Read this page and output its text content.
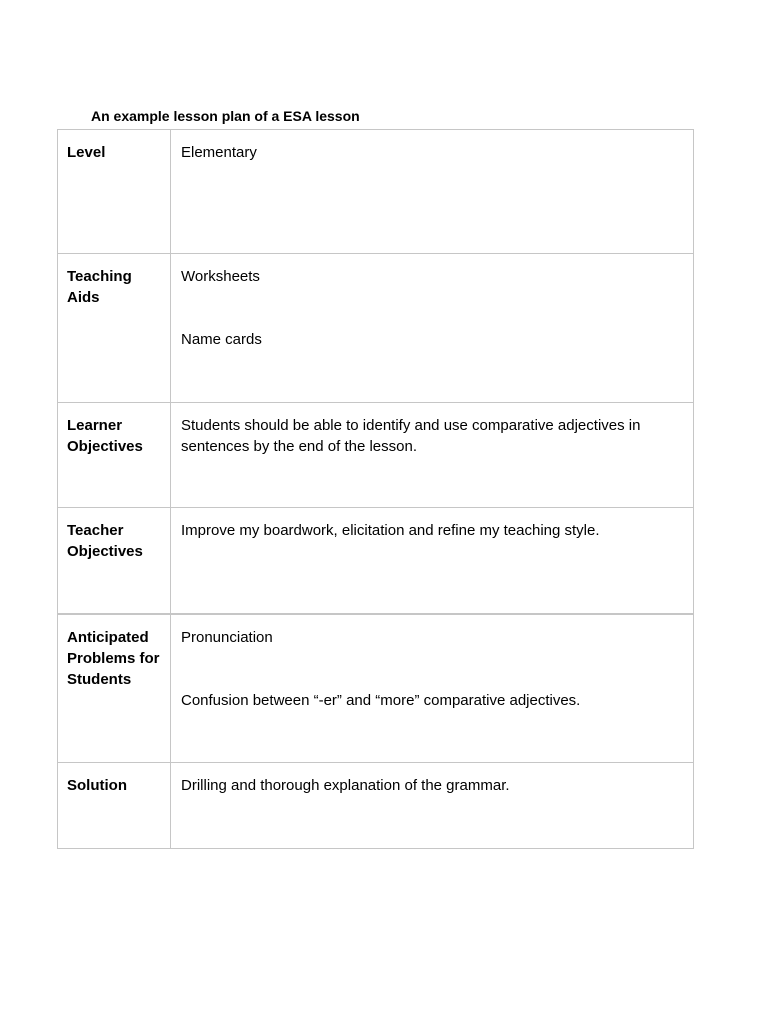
An example lesson plan of a ESA lesson
Level	Elementary

Teaching Aids	Worksheets
Name cards

Learner Objectives	Students should be able to identify and use comparative adjectives in sentences by the end of the lesson.

Teacher Objectives	Improve my boardwork, elicitation and refine my teaching style.

Anticipated Problems for Students	Pronunciation
Confusion between “-er” and “more” comparative adjectives.

Solution	Drilling and thorough explanation of the grammar.
